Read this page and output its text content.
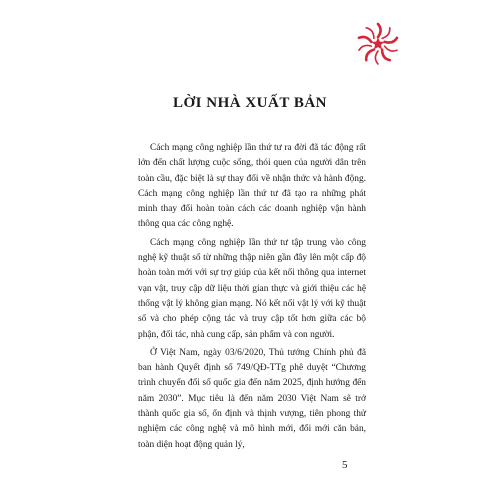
LỜI NHÀ XUẤT BẢN

Cách mạng công nghiệp lần thứ tư ra đời đã tác động rất lớn đến chất lượng cuộc sống, thói quen của người dân trên toàn cầu, đặc biệt là sự thay đổi về nhận thức và hành động. Cách mạng công nghiệp lần thứ tư đã tạo ra những phát minh thay đổi hoàn toàn cách các doanh nghiệp vận hành thông qua các công nghệ.

Cách mạng công nghiệp lần thứ tư tập trung vào công nghệ kỹ thuật số từ những thập niên gần đây lên một cấp độ hoàn toàn mới với sự trợ giúp của kết nối thông qua internet vạn vật, truy cập dữ liệu thời gian thực và giới thiệu các hệ thống vật lý không gian mạng. Nó kết nối vật lý với kỹ thuật số và cho phép cộng tác và truy cập tốt hơn giữa các bộ phận, đối tác, nhà cung cấp, sản phẩm và con người.

Ở Việt Nam, ngày 03/6/2020, Thủ tướng Chính phủ đã ban hành Quyết định số 749/QĐ-TTg phê duyệt “Chương trình chuyển đổi số quốc gia đến năm 2025, định hướng đến năm 2030”. Mục tiêu là đến năm 2030 Việt Nam sẽ trở thành quốc gia số, ổn định và thịnh vượng, tiên phong thử nghiệm các công nghệ và mô hình mới, đổi mới căn bản, toàn diện hoạt động quản lý,

5
